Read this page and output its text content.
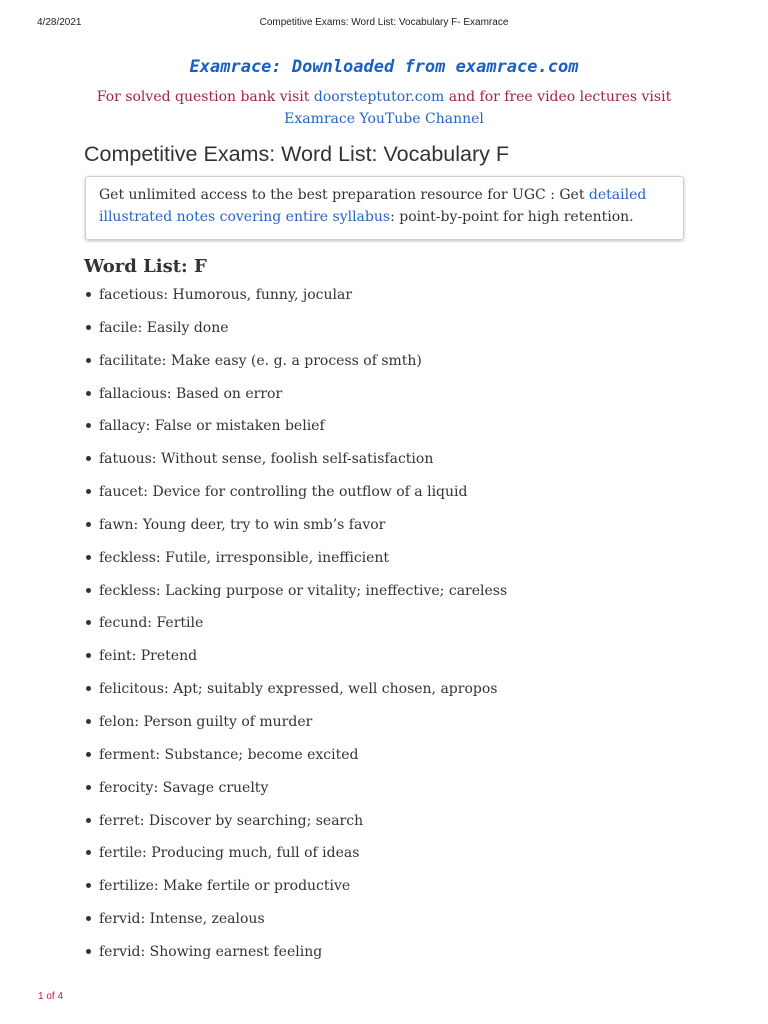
4/28/2021	Competitive Exams: Word List: Vocabulary F- Examrace
Examrace: Downloaded from examrace.com
For solved question bank visit doorsteptutor.com and for free video lectures visit
Examrace YouTube Channel
Competitive Exams: Word List: Vocabulary F
Get unlimited access to the best preparation resource for UGC : Get detailed illustrated notes covering entire syllabus: point-by-point for high retention.
Word List: F
facetious: Humorous, funny, jocular
facile: Easily done
facilitate: Make easy (e. g. a process of smth)
fallacious: Based on error
fallacy: False or mistaken belief
fatuous: Without sense, foolish self-satisfaction
faucet: Device for controlling the outflow of a liquid
fawn: Young deer, try to win smb’s favor
feckless: Futile, irresponsible, inefficient
feckless: Lacking purpose or vitality; ineffective; careless
fecund: Fertile
feint: Pretend
felicitous: Apt; suitably expressed, well chosen, apropos
felon: Person guilty of murder
ferment: Substance; become excited
ferocity: Savage cruelty
ferret: Discover by searching; search
fertile: Producing much, full of ideas
fertilize: Make fertile or productive
fervid: Intense, zealous
fervid: Showing earnest feeling
1 of 4
